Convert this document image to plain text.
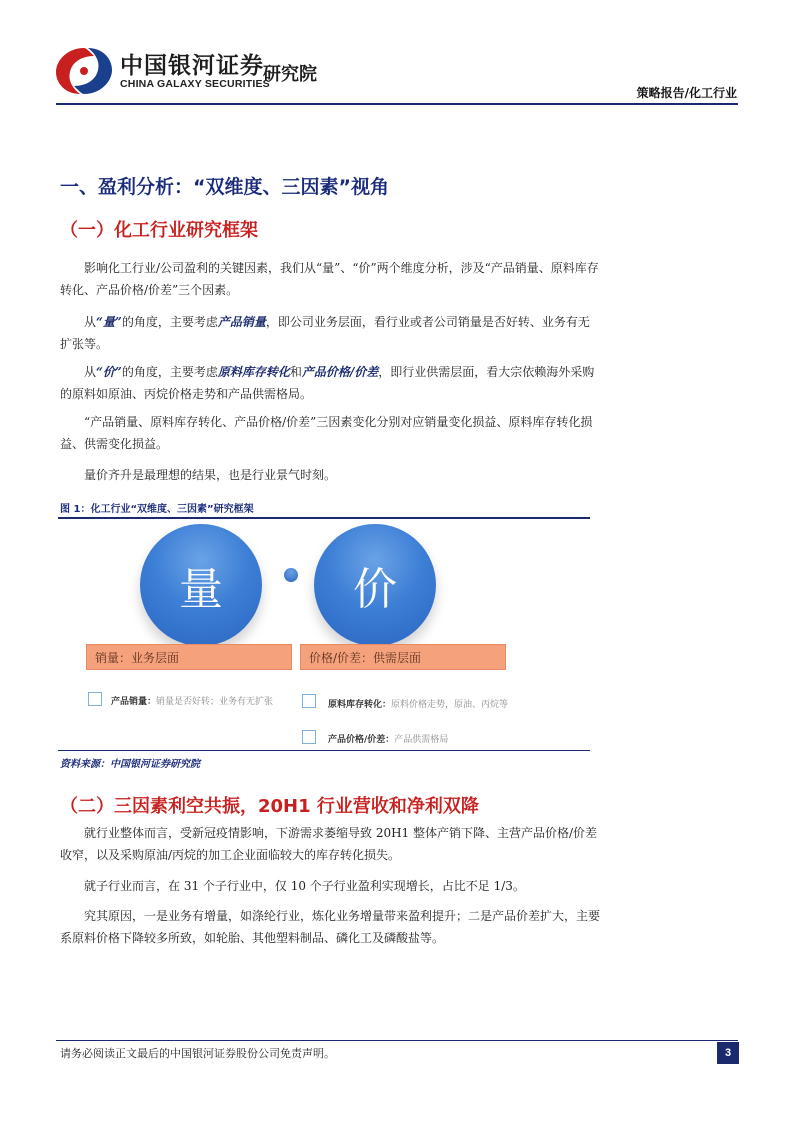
中国银河证券
CHINA GALAXY SECURITIES
研究院
策略报告/化工行业
一、盈利分析：“双维度、三因素”视角
（一）化工行业研究框架
影响化工行业/公司盈利的关键因素，我们从“量”、“价”两个维度分析，涉及“产品销量、原料库存转化、产品价格/价差”三个因素。
从“量”的角度，主要考虑产品销量，即公司业务层面，看行业或者公司销量是否好转、业务有无扩张等。
从“价”的角度，主要考虑原料库存转化和产品价格/价差，即行业供需层面，看大宗依赖海外采购的原料如原油、丙烷价格走势和产品供需格局。
“产品销量、原料库存转化、产品价格/价差”三因素变化分别对应销量变化损益、原料库存转化损益、供需变化损益。
量价齐升是最理想的结果，也是行业景气时刻。
图 1：化工行业“双维度、三因素”研究框架
量	价
销量：业务层面	价格/价差：供需层面
产品销量：销量是否好转；业务有无扩张	原料库存转化：原料价格走势，原油、丙烷等
产品价格/价差：产品供需格局
资料来源：中国银河证券研究院
（二）三因素利空共振，20H1 行业营收和净利双降
就行业整体而言，受新冠疫情影响，下游需求萎缩导致 20H1 整体产销下降、主营产品价格/价差收窄，以及采购原油/丙烷的加工企业面临较大的库存转化损失。
就子行业而言，在 31 个子行业中，仅 10 个子行业盈利实现增长，占比不足 1/3。
究其原因，一是业务有增量，如涤纶行业，炼化业务增量带来盈利提升；二是产品价差扩大，主要系原料价格下降较多所致，如轮胎、其他塑料制品、磷化工及磷酸盐等。
请务必阅读正文最后的中国银河证券股份公司免责声明。	3
